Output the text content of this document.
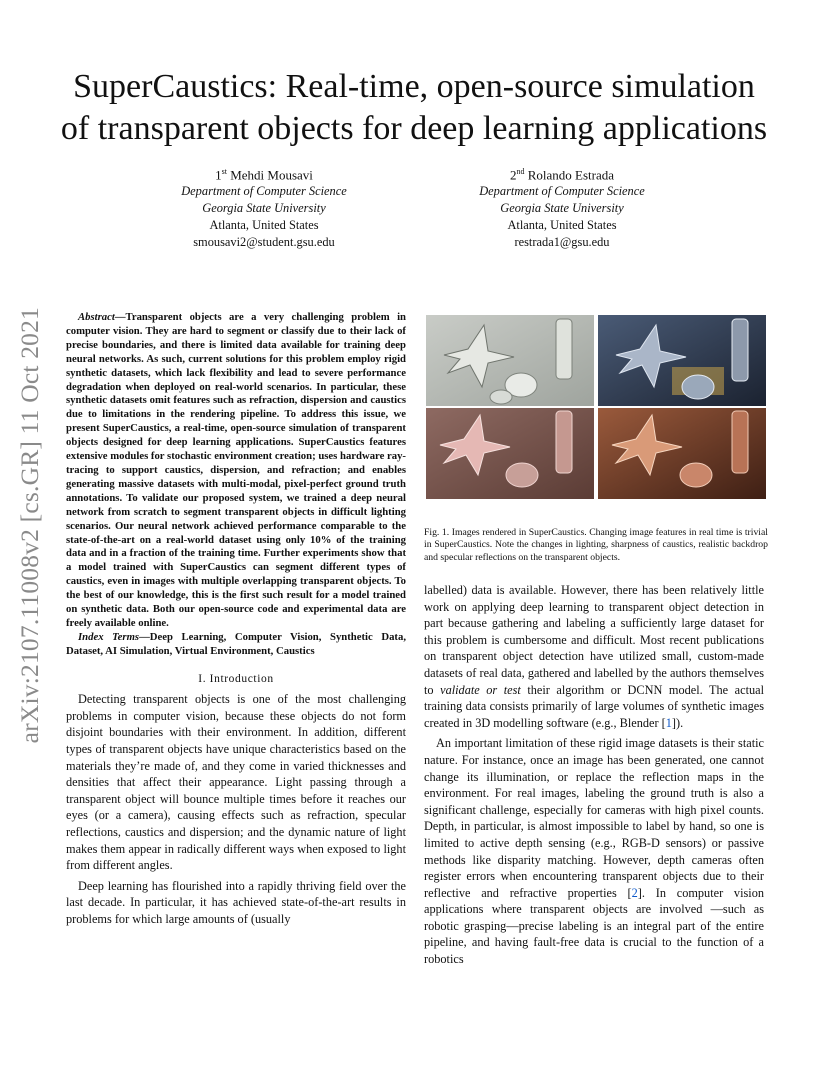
arXiv:2107.11008v2 [cs.GR] 11 Oct 2021
SuperCaustics: Real-time, open-source simulation of transparent objects for deep learning applications
1st Mehdi Mousavi
Department of Computer Science
Georgia State University
Atlanta, United States
smousavi2@student.gsu.edu
2nd Rolando Estrada
Department of Computer Science
Georgia State University
Atlanta, United States
restrada1@gsu.edu

Abstract—Transparent objects are a very challenging problem in computer vision. They are hard to segment or classify due to their lack of precise boundaries, and there is limited data available for training deep neural networks. As such, current solutions for this problem employ rigid synthetic datasets, which lack flexibility and lead to severe performance degradation when deployed on real-world scenarios. In particular, these synthetic datasets omit features such as refraction, dispersion and caustics due to limitations in the rendering pipeline. To address this issue, we present SuperCaustics, a real-time, open-source simulation of transparent objects designed for deep learning applications. SuperCaustics features extensive modules for stochastic environment creation; uses hardware ray-tracing to support caustics, dispersion, and refraction; and enables generating massive datasets with multi-modal, pixel-perfect ground truth annotations. To validate our proposed system, we trained a deep neural network from scratch to segment transparent objects in difficult lighting scenarios. Our neural network achieved performance comparable to the state-of-the-art on a real-world dataset using only 10% of the training data and in a fraction of the training time. Further experiments show that a model trained with SuperCaustics can segment different types of caustics, even in images with multiple overlapping transparent objects. To the best of our knowledge, this is the first such result for a model trained on synthetic data. Both our open-source code and experimental data are freely available online.

Index Terms—Deep Learning, Computer Vision, Synthetic Data, Dataset, AI Simulation, Virtual Environment, Caustics

I. Introduction

Detecting transparent objects is one of the most challenging problems in computer vision, because these objects do not form disjoint boundaries with their environment. In addition, different types of transparent objects have unique characteristics based on the materials they’re made of, and they come in varied thicknesses and densities that affect their appearance. Light passing through a transparent object will bounce multiple times before it reaches our eyes (or a camera), causing effects such as refraction, specular reflections, caustics and dispersion; and the dynamic nature of light makes them appear in radically different ways when exposed to light from different angles.

Deep learning has flourished into a rapidly thriving field over the last decade. In particular, it has achieved state-of-the-art results in problems for which large amounts of (usually

Fig. 1. Images rendered in SuperCaustics. Changing image features in real time is trivial in SuperCaustics. Note the changes in lighting, sharpness of caustics, realistic backdrop and specular reflections on the transparent objects.

labelled) data is available. However, there has been relatively little work on applying deep learning to transparent object detection in part because gathering and labeling a sufficiently large dataset for this problem is cumbersome and difficult. Most recent publications on transparent object detection have utilized small, custom-made datasets of real data, gathered and labelled by the authors themselves to validate or test their algorithm or DCNN model. The actual training data consists primarily of large volumes of synthetic images created in 3D modelling software (e.g., Blender [1]).

An important limitation of these rigid image datasets is their static nature. For instance, once an image has been generated, one cannot change its illumination, or replace the reflection maps in the environment. For real images, labeling the ground truth is also a significant challenge, especially for cameras with high pixel counts. Depth, in particular, is almost impossible to label by hand, so one is limited to active depth sensing (e.g., RGB-D sensors) or passive methods like disparity matching. However, depth cameras often register errors when encountering transparent objects due to their reflective and refractive properties [2]. In computer vision applications where transparent objects are involved —such as robotic grasping—precise labeling is an integral part of the entire pipeline, and having fault-free data is crucial to the function of a robotics
